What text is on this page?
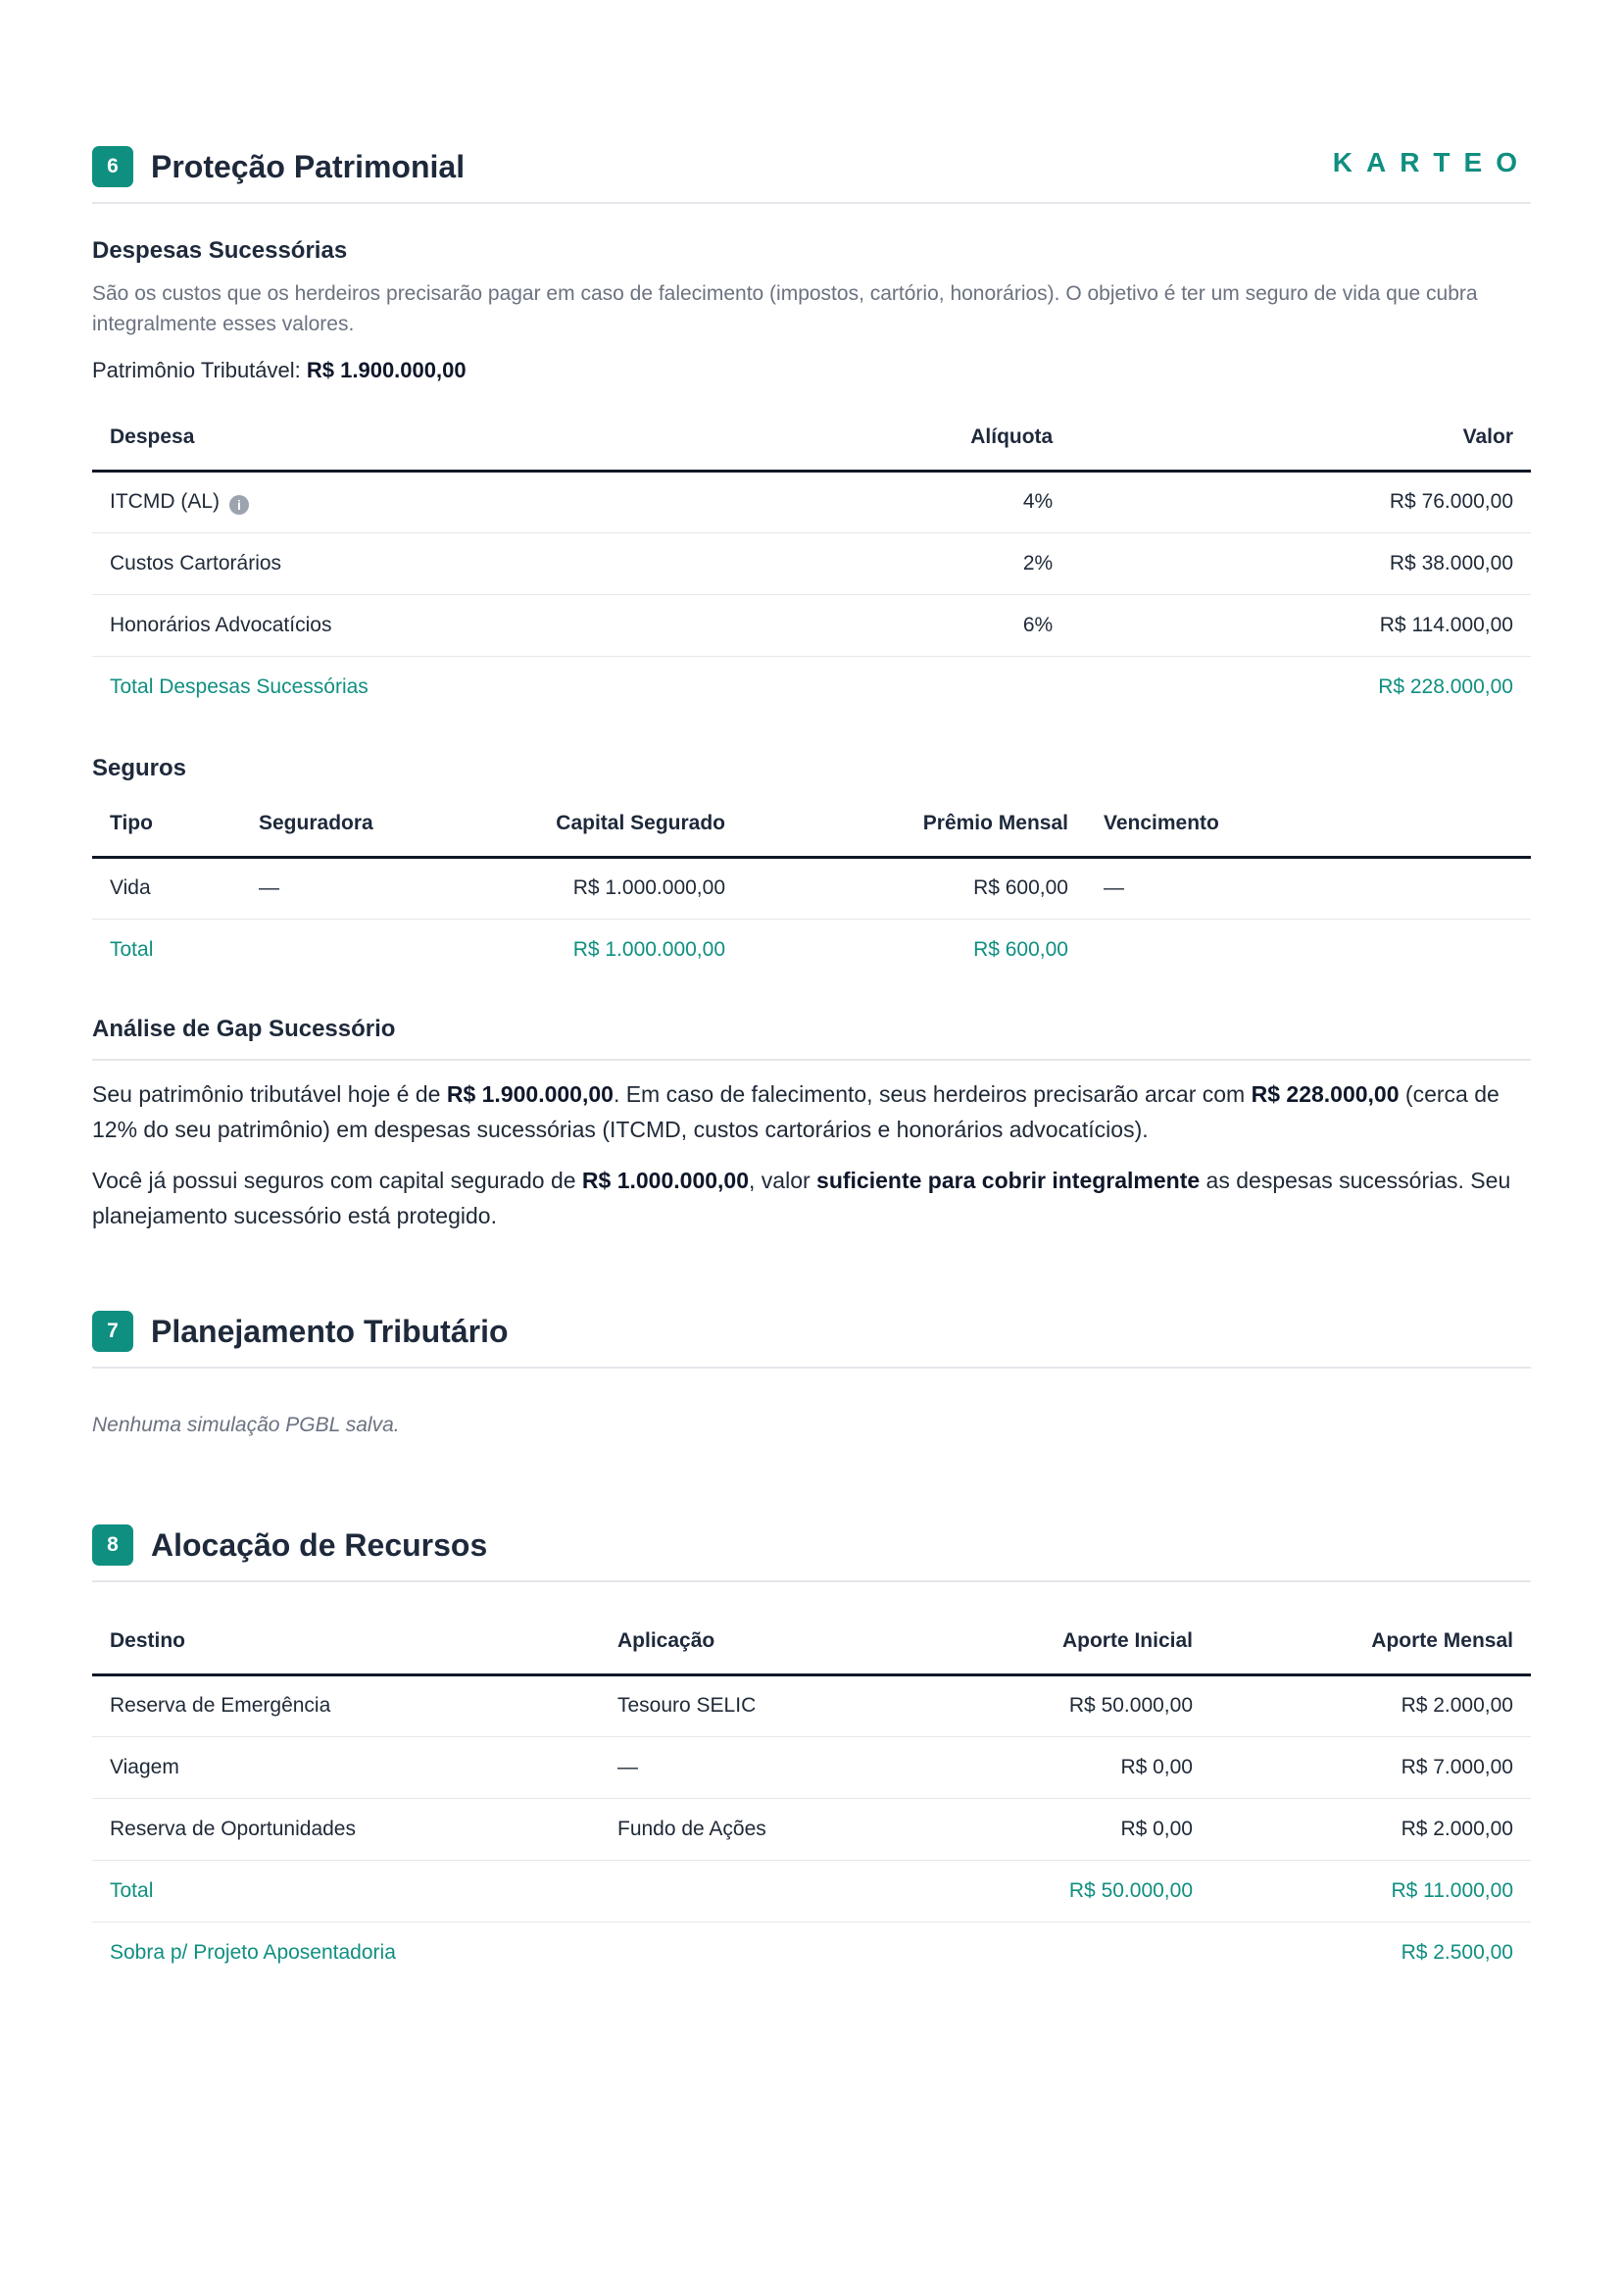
KARTEO
6	Proteção Patrimonial
Despesas Sucessórias
São os custos que os herdeiros precisarão pagar em caso de falecimento (impostos, cartório, honorários). O objetivo é ter um seguro de vida que cubra integralmente esses valores.
Patrimônio Tributável: R$ 1.900.000,00
Despesa	Alíquota	Valor
ITCMD (AL) i	4%	R$ 76.000,00
Custos Cartorários	2%	R$ 38.000,00
Honorários Advocatícios	6%	R$ 114.000,00
Total Despesas Sucessórias		R$ 228.000,00
Seguros
Tipo	Seguradora	Capital Segurado	Prêmio Mensal	Vencimento
Vida	—	R$ 1.000.000,00	R$ 600,00	—
Total		R$ 1.000.000,00	R$ 600,00	
Análise de Gap Sucessório

Seu patrimônio tributável hoje é de R$ 1.900.000,00. Em caso de falecimento, seus herdeiros precisarão arcar com R$ 228.000,00 (cerca de 12% do seu patrimônio) em despesas sucessórias (ITCMD, custos cartorários e honorários advocatícios).

Você já possui seguros com capital segurado de R$ 1.000.000,00, valor suficiente para cobrir integralmente as despesas sucessórias. Seu planejamento sucessório está protegido.

7	Planejamento Tributário
Nenhuma simulação PGBL salva.
8	Alocação de Recursos
Destino	Aplicação	Aporte Inicial	Aporte Mensal
Reserva de Emergência	Tesouro SELIC	R$ 50.000,00	R$ 2.000,00
Viagem	—	R$ 0,00	R$ 7.000,00
Reserva de Oportunidades	Fundo de Ações	R$ 0,00	R$ 2.000,00
Total		R$ 50.000,00	R$ 11.000,00
Sobra p/ Projeto Aposentadoria			R$ 2.500,00
